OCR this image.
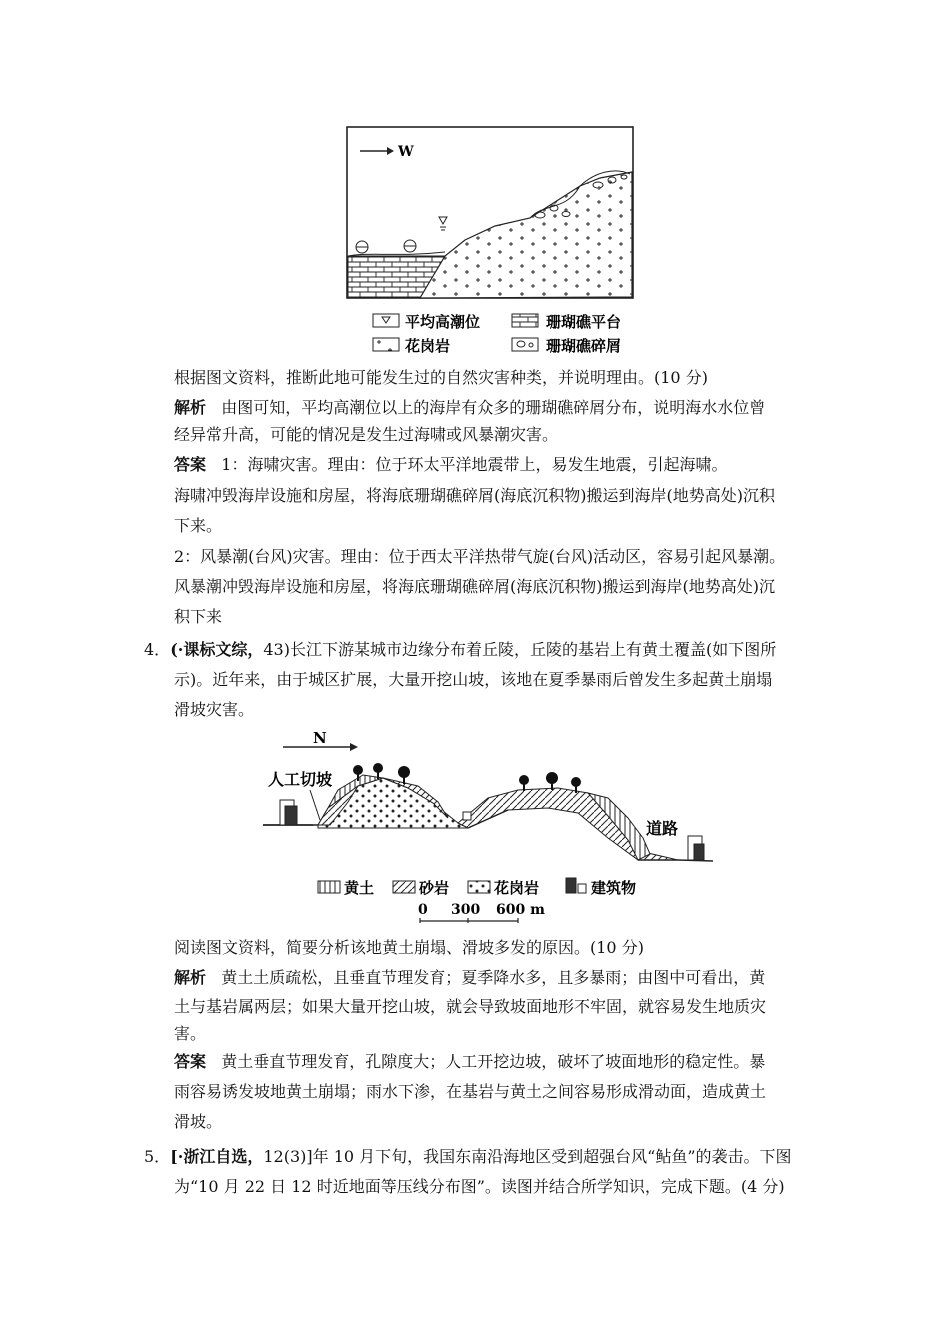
W
平均高潮位	珊瑚礁平台
花岗岩	珊瑚礁碎屑
根据图文资料，推断此地可能发生过的自然灾害种类，并说明理由。(10 分)
解析 由图可知，平均高潮位以上的海岸有众多的珊瑚礁碎屑分布，说明海水水位曾
经异常升高，可能的情况是发生过海啸或风暴潮灾害。
答案 1：海啸灾害。理由：位于环太平洋地震带上，易发生地震，引起海啸。
海啸冲毁海岸设施和房屋，将海底珊瑚礁碎屑(海底沉积物)搬运到海岸(地势高处)沉积
下来。
2：风暴潮(台风)灾害。理由：位于西太平洋热带气旋(台风)活动区，容易引起风暴潮。
风暴潮冲毁海岸设施和房屋，将海底珊瑚礁碎屑(海底沉积物)搬运到海岸(地势高处)沉
积下来
4．(·课标文综，43)长江下游某城市边缘分布着丘陵，丘陵的基岩上有黄土覆盖(如下图所
示)。近年来，由于城区扩展，大量开挖山坡，该地在夏季暴雨后曾发生多起黄土崩塌
滑坡灾害。
N
人工切坡
道路
黄土	砂岩	花岗岩	建筑物
0 300 600 m
阅读图文资料，简要分析该地黄土崩塌、滑坡多发的原因。(10 分)
解析 黄土土质疏松，且垂直节理发育；夏季降水多，且多暴雨；由图中可看出，黄
土与基岩属两层；如果大量开挖山坡，就会导致坡面地形不牢固，就容易发生地质灾
害。
答案 黄土垂直节理发育，孔隙度大；人工开挖边坡，破坏了坡面地形的稳定性。暴
雨容易诱发坡地黄土崩塌；雨水下渗，在基岩与黄土之间容易形成滑动面，造成黄土
滑坡。
5．[·浙江自选，12(3)]年 10 月下旬，我国东南沿海地区受到超强台风“鲇鱼”的袭击。下图
为“10 月 22 日 12 时近地面等压线分布图”。读图并结合所学知识，完成下题。(4 分)
